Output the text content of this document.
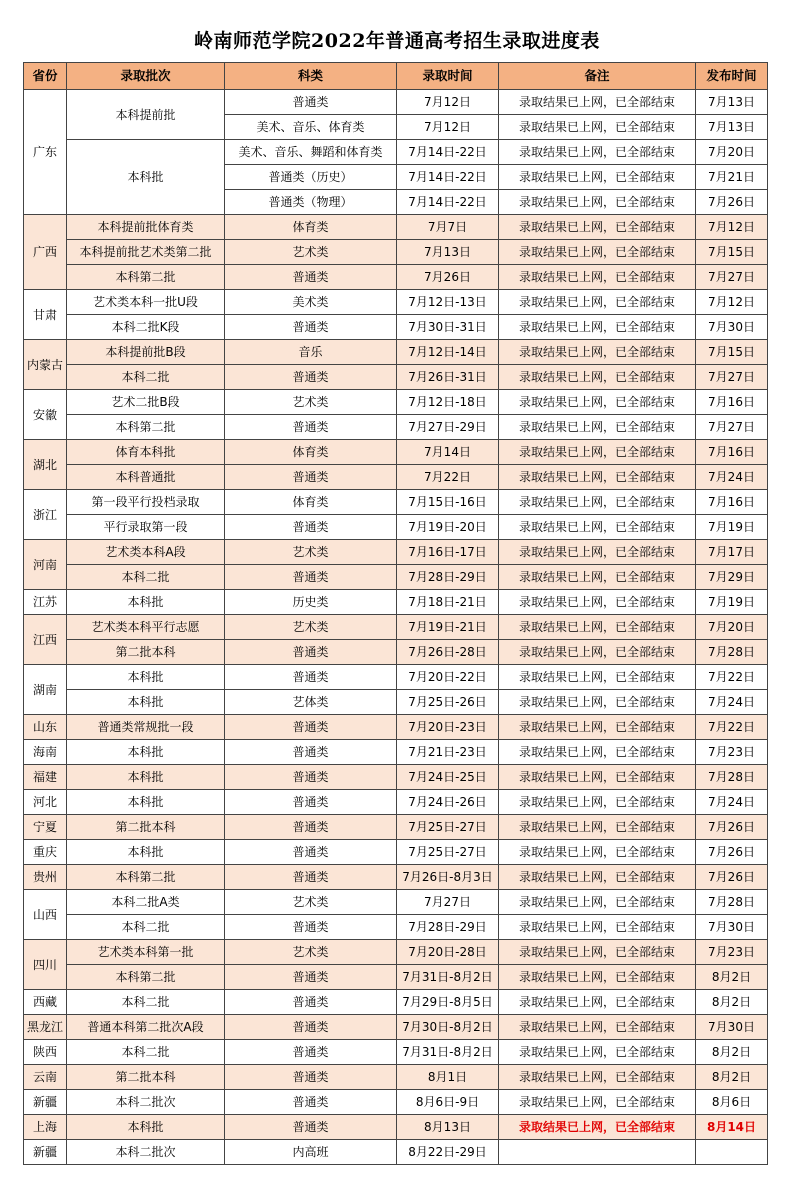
岭南师范学院2022年普通高考招生录取进度表
省份	录取批次	科类	录取时间	备注	发布时间
广东	本科提前批	普通类	7月12日	录取结果已上网，已全部结束	7月13日
		美术、音乐、体育类	7月12日	录取结果已上网，已全部结束	7月13日
	本科批	美术、音乐、舞蹈和体育类	7月14日-22日	录取结果已上网，已全部结束	7月20日
		普通类（历史）	7月14日-22日	录取结果已上网，已全部结束	7月21日
		普通类（物理）	7月14日-22日	录取结果已上网，已全部结束	7月26日
广西	本科提前批体育类	体育类	7月7日	录取结果已上网，已全部结束	7月12日
	本科提前批艺术类第二批	艺术类	7月13日	录取结果已上网，已全部结束	7月15日
	本科第二批	普通类	7月26日	录取结果已上网，已全部结束	7月27日
甘肃	艺术类本科一批U段	美术类	7月12日-13日	录取结果已上网，已全部结束	7月12日
	本科二批K段	普通类	7月30日-31日	录取结果已上网，已全部结束	7月30日
内蒙古	本科提前批B段	音乐	7月12日-14日	录取结果已上网，已全部结束	7月15日
	本科二批	普通类	7月26日-31日	录取结果已上网，已全部结束	7月27日
安徽	艺术二批B段	艺术类	7月12日-18日	录取结果已上网，已全部结束	7月16日
	本科第二批	普通类	7月27日-29日	录取结果已上网，已全部结束	7月27日
湖北	体育本科批	体育类	7月14日	录取结果已上网，已全部结束	7月16日
	本科普通批	普通类	7月22日	录取结果已上网，已全部结束	7月24日
浙江	第一段平行投档录取	体育类	7月15日-16日	录取结果已上网，已全部结束	7月16日
	平行录取第一段	普通类	7月19日-20日	录取结果已上网，已全部结束	7月19日
河南	艺术类本科A段	艺术类	7月16日-17日	录取结果已上网，已全部结束	7月17日
	本科二批	普通类	7月28日-29日	录取结果已上网，已全部结束	7月29日
江苏	本科批	历史类	7月18日-21日	录取结果已上网，已全部结束	7月19日
江西	艺术类本科平行志愿	艺术类	7月19日-21日	录取结果已上网，已全部结束	7月20日
	第二批本科	普通类	7月26日-28日	录取结果已上网，已全部结束	7月28日
湖南	本科批	普通类	7月20日-22日	录取结果已上网，已全部结束	7月22日
	本科批	艺体类	7月25日-26日	录取结果已上网，已全部结束	7月24日
山东	普通类常规批一段	普通类	7月20日-23日	录取结果已上网，已全部结束	7月22日
海南	本科批	普通类	7月21日-23日	录取结果已上网，已全部结束	7月23日
福建	本科批	普通类	7月24日-25日	录取结果已上网，已全部结束	7月28日
河北	本科批	普通类	7月24日-26日	录取结果已上网，已全部结束	7月24日
宁夏	第二批本科	普通类	7月25日-27日	录取结果已上网，已全部结束	7月26日
重庆	本科批	普通类	7月25日-27日	录取结果已上网，已全部结束	7月26日
贵州	本科第二批	普通类	7月26日-8月3日	录取结果已上网，已全部结束	7月26日
山西	本科二批A类	艺术类	7月27日	录取结果已上网，已全部结束	7月28日
	本科二批	普通类	7月28日-29日	录取结果已上网，已全部结束	7月30日
四川	艺术类本科第一批	艺术类	7月20日-28日	录取结果已上网，已全部结束	7月23日
	本科第二批	普通类	7月31日-8月2日	录取结果已上网，已全部结束	8月2日
西藏	本科二批	普通类	7月29日-8月5日	录取结果已上网，已全部结束	8月2日
黑龙江	普通本科第二批次A段	普通类	7月30日-8月2日	录取结果已上网，已全部结束	7月30日
陕西	本科二批	普通类	7月31日-8月2日	录取结果已上网，已全部结束	8月2日
云南	第二批本科	普通类	8月1日	录取结果已上网，已全部结束	8月2日
新疆	本科二批次	普通类	8月6日-9日	录取结果已上网，已全部结束	8月6日
上海	本科批	普通类	8月13日	录取结果已上网，已全部结束	8月14日
新疆	本科二批次	内高班	8月22日-29日		
